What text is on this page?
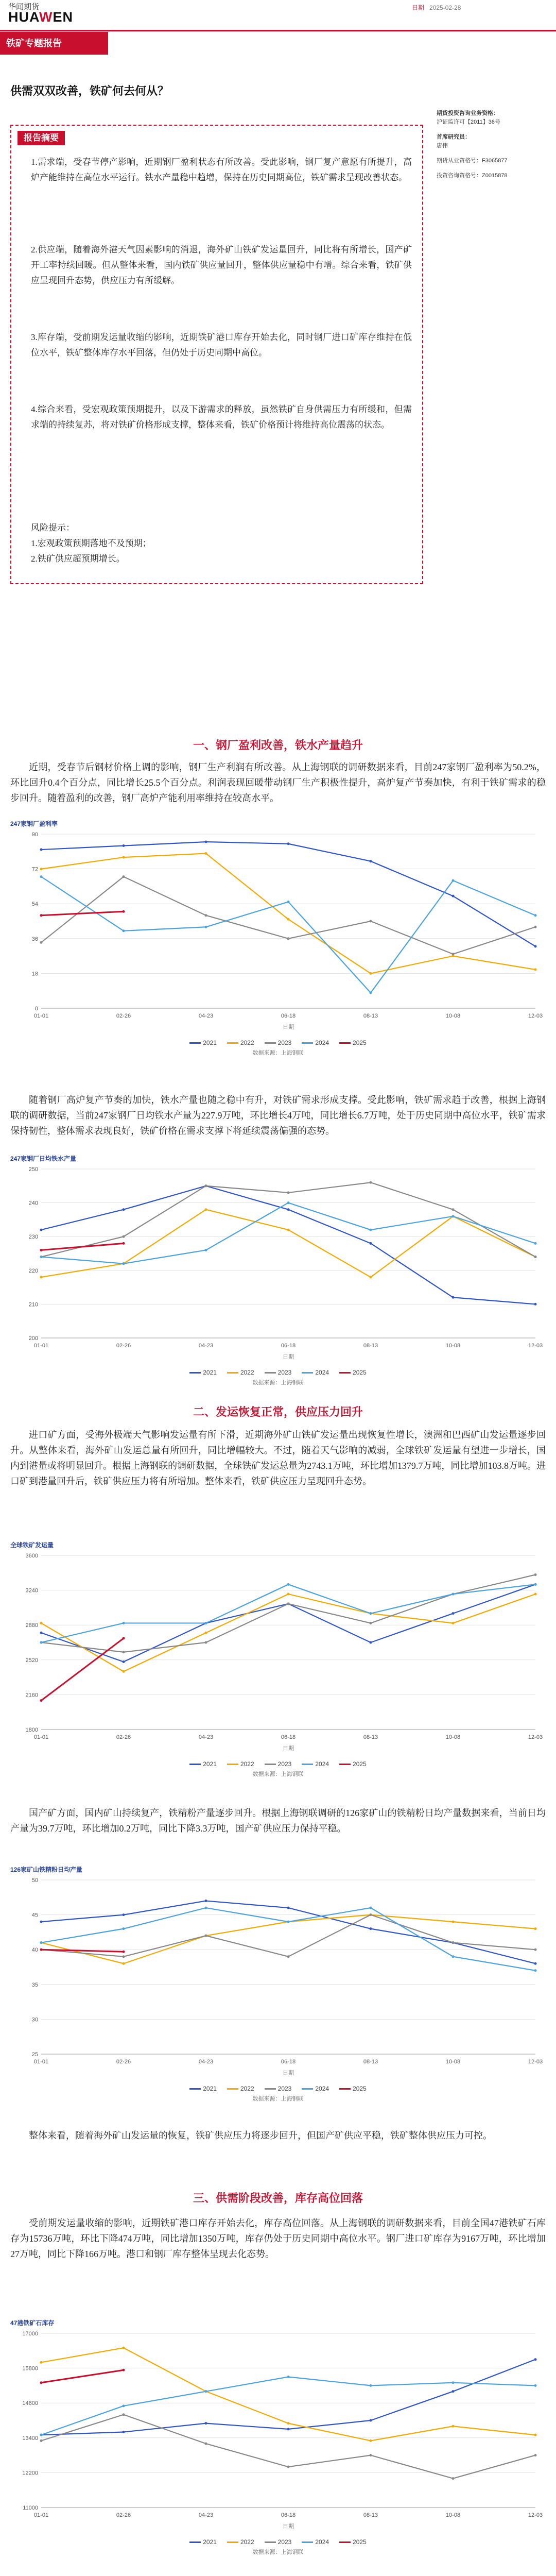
华闻期货
HUAWEN
日期 2025-02-28
铁矿专题报告
供需双双改善，铁矿何去何从？
报告摘要
1.需求端，受春节停产影响，近期钢厂盈利状态有所改善。受此影响，钢厂复产意愿有所提升，高炉产能维持在高位水平运行。铁水产量稳中趋增，保持在历史同期高位，铁矿需求呈现改善状态。
2.供应端，随着海外港天气因素影响的消退，海外矿山铁矿发运量回升，同比将有所增长，国产矿开工率持续回暖。但从整体来看，国内铁矿供应量回升，整体供应量稳中有增。综合来看，铁矿供应呈现回升态势，供应压力有所缓解。
3.库存端，受前期发运量收缩的影响，近期铁矿港口库存开始去化，同时钢厂进口矿库存维持在低位水平，铁矿整体库存水平回落，但仍处于历史同期中高位。
4.综合来看，受宏观政策预期提升，以及下游需求的释放，虽然铁矿自身供需压力有所缓和，但需求端的持续复苏，将对铁矿价格形成支撑，整体来看，铁矿价格预计将维持高位震荡的状态。
风险提示：
1.宏观政策预期落地不及预期；
2.铁矿供应超预期增长。
期货投资咨询业务资格：
沪证监许可【2011】36号
首席研究员：
唐伟
期货从业资格号：F3065877
投资咨询资格号：Z0015878
一、钢厂盈利改善，铁水产量趋升
近期，受春节后钢材价格上调的影响，钢厂生产利润有所改善。从上海钢联的调研数据来看，目前247家钢厂盈利率为50.2%，环比回升0.4个百分点，同比增长25.5个百分点。利润表现回暖带动钢厂生产积极性提升，高炉复产节奏加快，有利于铁矿需求的稳步回升。随着盈利的改善，钢厂高炉产能利用率维持在较高水平。
247家钢厂盈利率
0
18
36
54
72
90
01-01	02-26	04-23	06-18	08-13	10-08	12-03
日期
2021	2022	2023	2024	2025
数据来源：上海钢联
随着钢厂高炉复产节奏的加快，铁水产量也随之稳中有升，对铁矿需求形成支撑。受此影响，铁矿需求趋于改善，根据上海钢联的调研数据，当前247家钢厂日均铁水产量为227.9万吨，环比增长4万吨，同比增长6.7万吨，处于历史同期中高位水平，铁矿需求保持韧性，整体需求表现良好，铁矿价格在需求支撑下将延续震荡偏强的态势。
247家钢厂日均铁水产量
200
210
220
230
240
250
01-01	02-26	04-23	06-18	08-13	10-08	12-03
日期
2021	2022	2023	2024	2025
数据来源：上海钢联
二、发运恢复正常，供应压力回升
进口矿方面，受海外极端天气影响发运量有所下滑，近期海外矿山铁矿发运量出现恢复性增长，澳洲和巴西矿山发运量逐步回升。从整体来看，海外矿山发运总量有所回升，同比增幅较大。不过，随着天气影响的减弱，全球铁矿发运量有望进一步增长，国内到港量或将明显回升。根据上海钢联的调研数据，全球铁矿发运总量为2743.1万吨，环比增加1379.7万吨，同比增加103.8万吨。进口矿到港量回升后，铁矿供应压力将有所增加。整体来看，铁矿供应压力呈现回升态势。
全球铁矿发运量
1800
2160
2520
2880
3240
3600
01-01	02-26	04-23	06-18	08-13	10-08	12-03
日期
2021	2022	2023	2024	2025
数据来源：上海钢联
国产矿方面，国内矿山持续复产，铁精粉产量逐步回升。根据上海钢联调研的126家矿山的铁精粉日均产量数据来看，当前日均产量为39.7万吨，环比增加0.2万吨，同比下降3.3万吨，国产矿供应压力保持平稳。
126家矿山铁精粉日均产量
25
30
35
40
45
50
01-01	02-26	04-23	06-18	08-13	10-08	12-03
日期
2021	2022	2023	2024	2025
数据来源：上海钢联
整体来看，随着海外矿山发运量的恢复，铁矿供应压力将逐步回升，但国产矿供应平稳，铁矿整体供应压力可控。
三、供需阶段改善，库存高位回落
受前期发运量收缩的影响，近期铁矿港口库存开始去化，库存高位回落。从上海钢联的调研数据来看，目前全国47港铁矿石库存为15736万吨，环比下降474万吨，同比增加1350万吨，库存仍处于历史同期中高位水平。钢厂进口矿库存为9167万吨，环比增加27万吨，同比下降166万吨。港口和钢厂库存整体呈现去化态势。
47港铁矿石库存
11000
12200
13400
14600
15800
17000
01-01	02-26	04-23	06-18	08-13	10-08	12-03
日期
2021	2022	2023	2024	2025
数据来源：上海钢联
